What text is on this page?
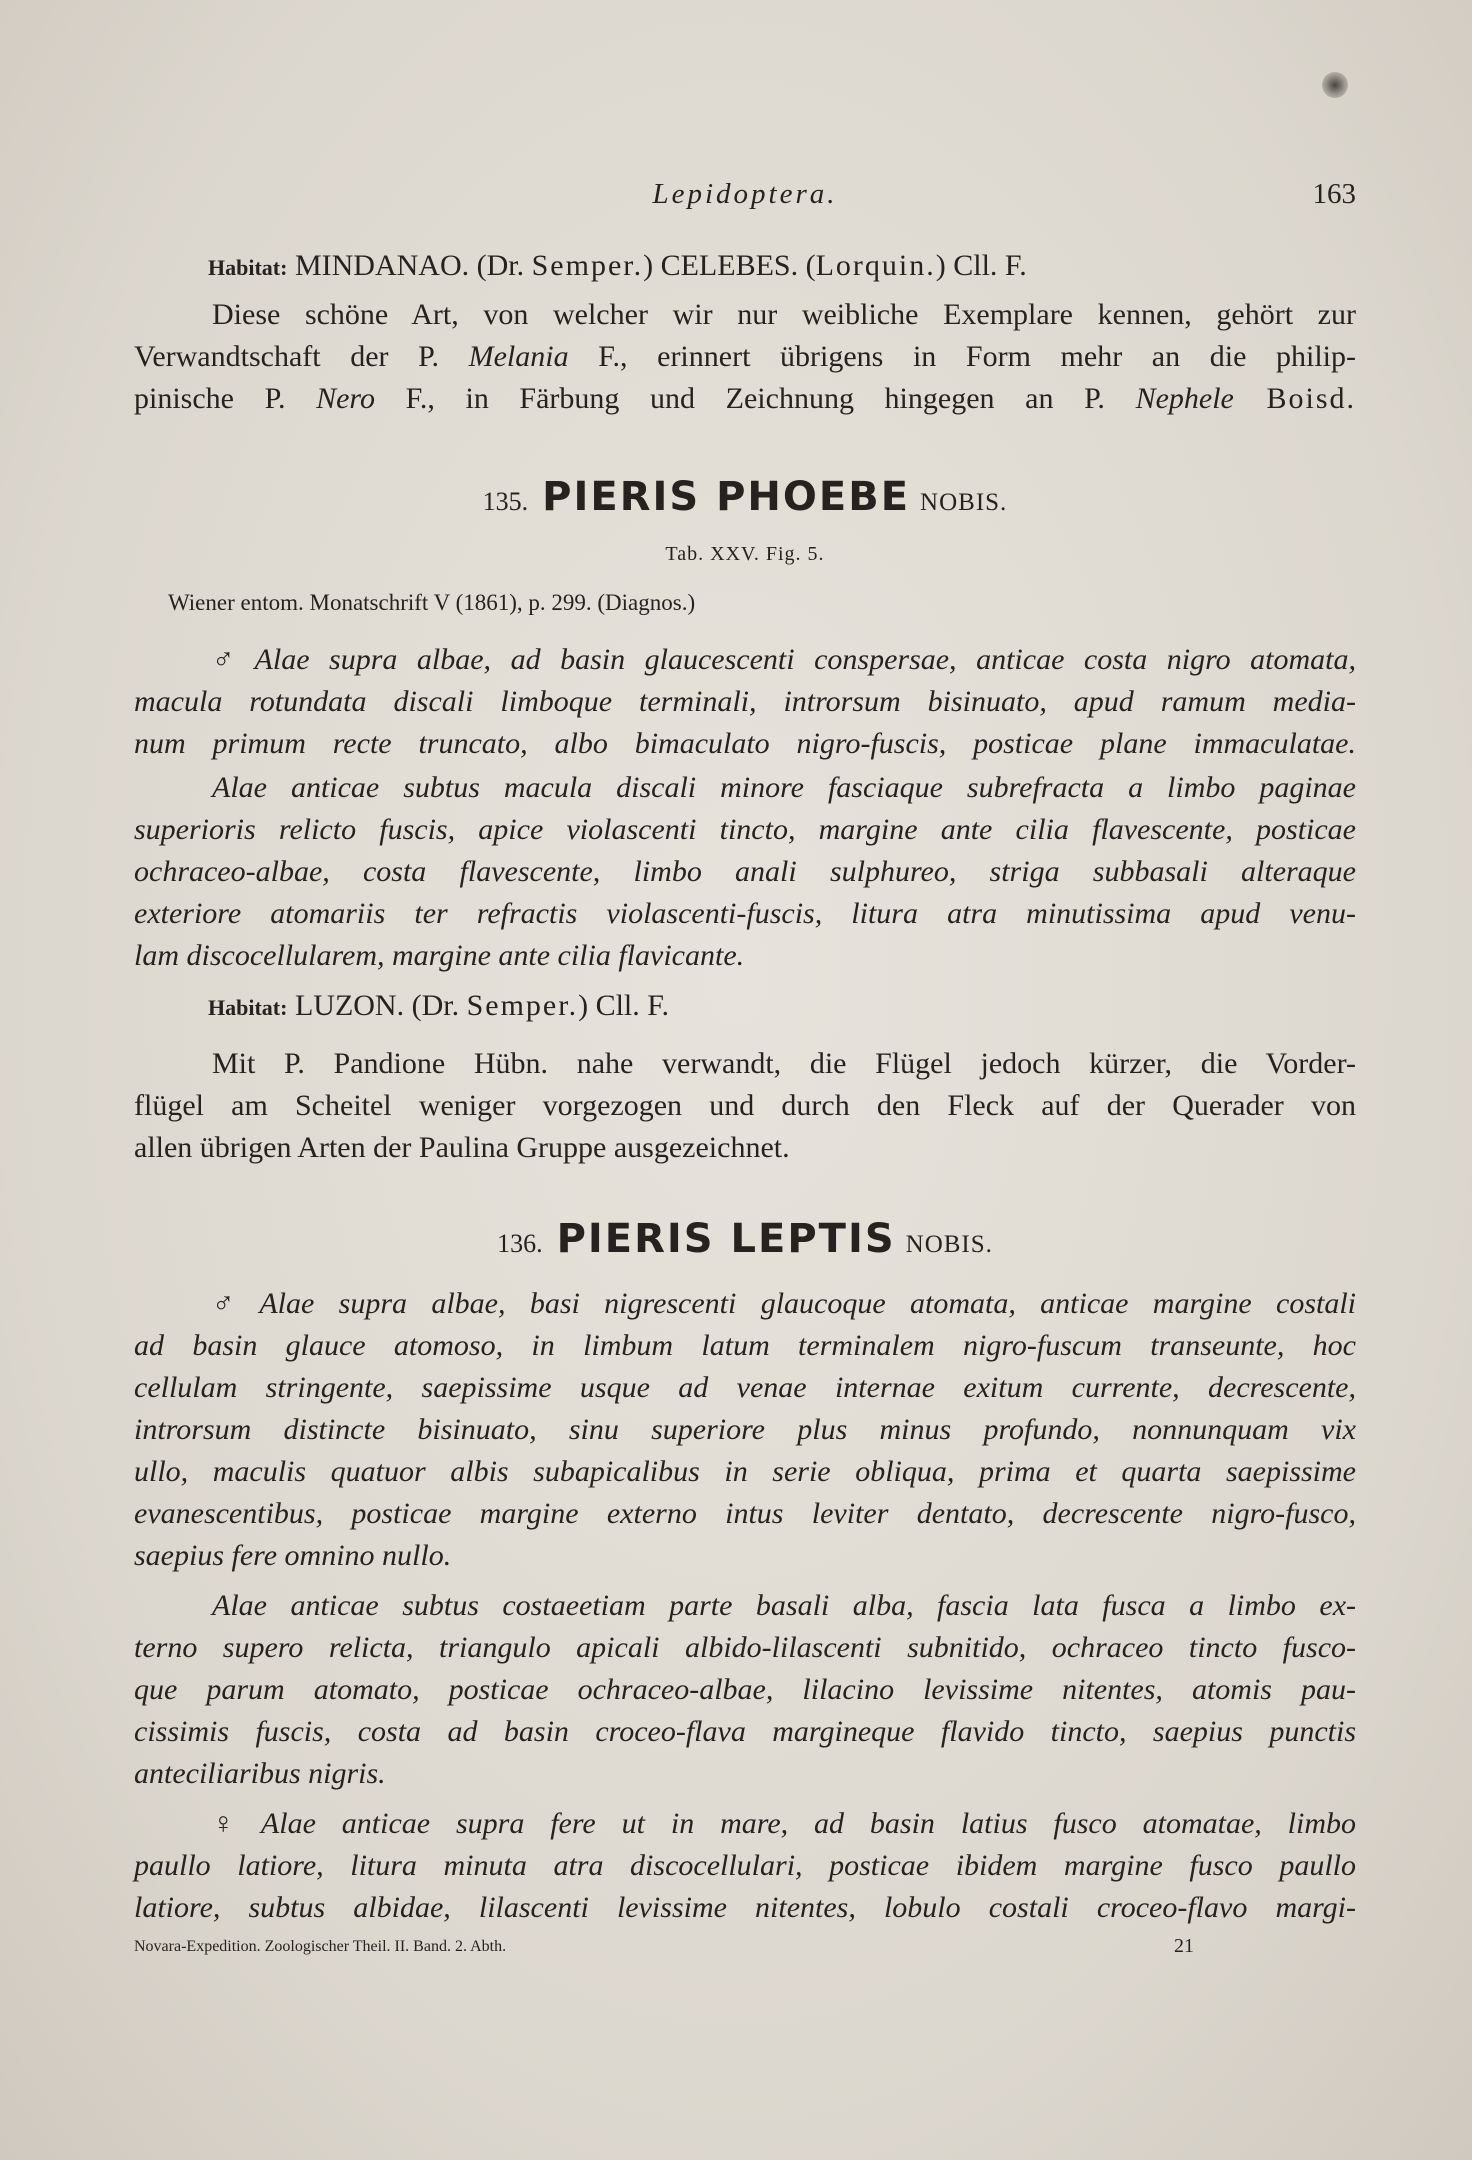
Lepidoptera.	163
Habitat: MINDANAO. (Dr. Semper.) CELEBES. (Lorquin.) Cll. F.
Diese schöne Art, von welcher wir nur weibliche Exemplare kennen, gehört zur
Verwandtschaft der P. Melania F., erinnert übrigens in Form mehr an die philip-
pinische P. Nero F., in Färbung und Zeichnung hingegen an P. Nephele Boisd.
135. PIERIS PHOEBE NOBIS.
Tab. XXV. Fig. 5.
Wiener entom. Monatschrift V (1861), p. 299. (Diagnos.)
♂ Alae supra albae, ad basin glaucescenti conspersae, anticae costa nigro atomata,
macula rotundata discali limboque terminali, introrsum bisinuato, apud ramum media-
num primum recte truncato, albo bimaculato nigro-fuscis, posticae plane immaculatae.
Alae anticae subtus macula discali minore fasciaque subrefracta a limbo paginae
superioris relicto fuscis, apice violascenti tincto, margine ante cilia flavescente, posticae
ochraceo-albae, costa flavescente, limbo anali sulphureo, striga subbasali alteraque
exteriore atomariis ter refractis violascenti-fuscis, litura atra minutissima apud venu-
lam discocellularem, margine ante cilia flavicante.
Habitat: LUZON. (Dr. Semper.) Cll. F.
Mit P. Pandione Hübn. nahe verwandt, die Flügel jedoch kürzer, die Vorder-
flügel am Scheitel weniger vorgezogen und durch den Fleck auf der Querader von
allen übrigen Arten der Paulina Gruppe ausgezeichnet.
136. PIERIS LEPTIS NOBIS.
♂ Alae supra albae, basi nigrescenti glaucoque atomata, anticae margine costali
ad basin glauce atomoso, in limbum latum terminalem nigro-fuscum transeunte, hoc
cellulam stringente, saepissime usque ad venae internae exitum currente, decrescente,
introrsum distincte bisinuato, sinu superiore plus minus profundo, nonnunquam vix
ullo, maculis quatuor albis subapicalibus in serie obliqua, prima et quarta saepissime
evanescentibus, posticae margine externo intus leviter dentato, decrescente nigro-fusco,
saepius fere omnino nullo.
Alae anticae subtus costaeetiam parte basali alba, fascia lata fusca a limbo ex-
terno supero relicta, triangulo apicali albido-lilascenti subnitido, ochraceo tincto fusco-
que parum atomato, posticae ochraceo-albae, lilacino levissime nitentes, atomis pau-
cissimis fuscis, costa ad basin croceo-flava margineque flavido tincto, saepius punctis
anteciliaribus nigris.
♀ Alae anticae supra fere ut in mare, ad basin latius fusco atomatae, limbo
paullo latiore, litura minuta atra discocellulari, posticae ibidem margine fusco paullo
latiore, subtus albidae, lilascenti levissime nitentes, lobulo costali croceo-flavo margi-
Novara-Expedition. Zoologischer Theil. II. Band. 2. Abth.	21
